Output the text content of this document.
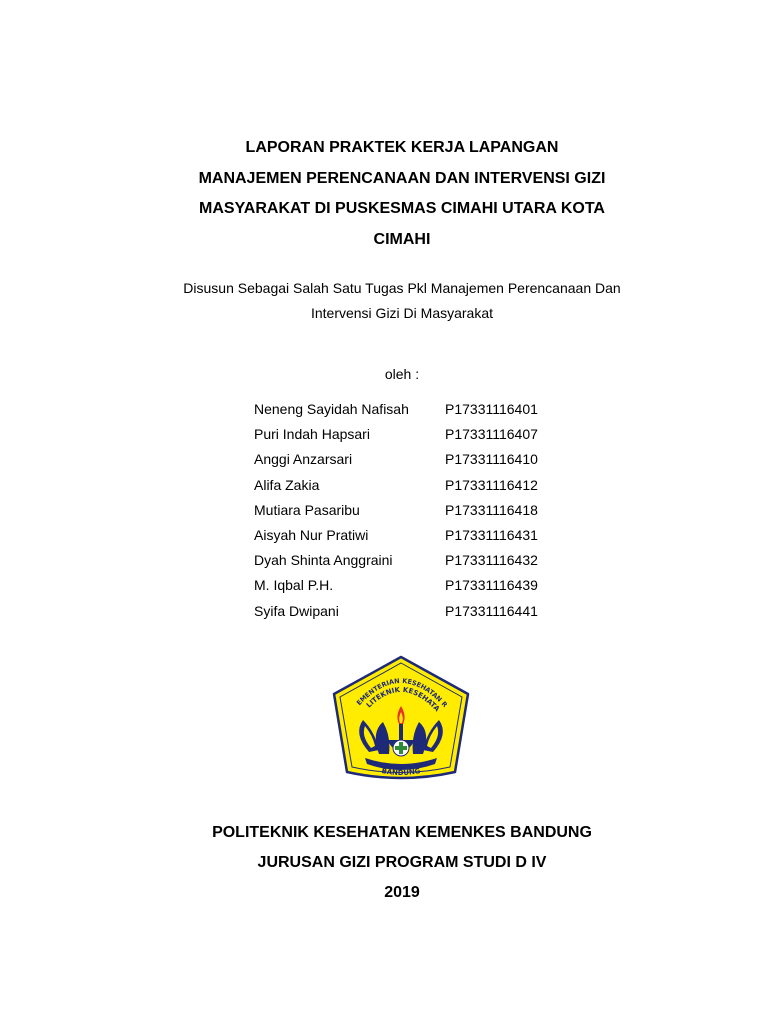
LAPORAN PRAKTEK KERJA LAPANGAN
MANAJEMEN PERENCANAAN DAN INTERVENSI GIZI
MASYARAKAT DI PUSKESMAS CIMAHI UTARA KOTA
CIMAHI
Disusun Sebagai Salah Satu Tugas Pkl Manajemen Perencanaan Dan
Intervensi Gizi Di Masyarakat
oleh :
Neneng Sayidah Nafisah	P17331116401
Puri Indah Hapsari	P17331116407
Anggi Anzarsari	P17331116410
Alifa Zakia	P17331116412
Mutiara Pasaribu	P17331116418
Aisyah Nur Pratiwi	P17331116431
Dyah Shinta Anggraini	P17331116432
M. Iqbal P.H.	P17331116439
Syifa Dwipani	P17331116441
EMENTERIAN KESEHATAN R
LITEKNIK KESEHATA
BANDUNG
POLITEKNIK KESEHATAN KEMENKES BANDUNG
JURUSAN GIZI PROGRAM STUDI D IV
2019
